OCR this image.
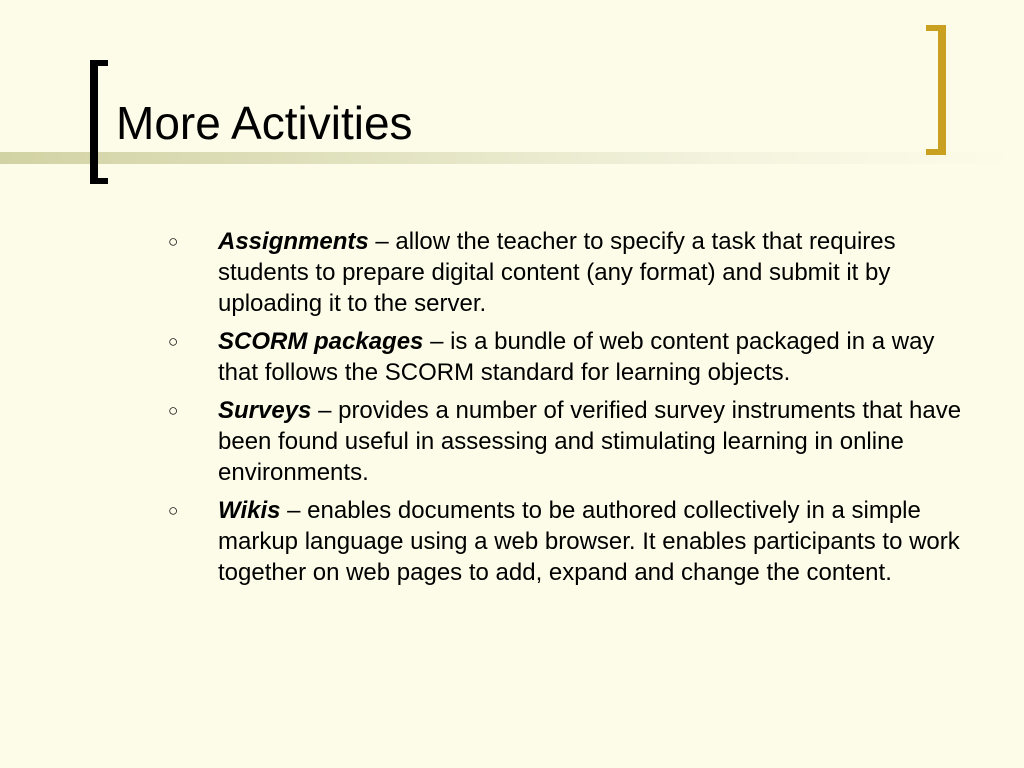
More Activities
○ Assignments – allow the teacher to specify a task that requires students to prepare digital content (any format) and submit it by uploading it to the server.
○ SCORM packages – is a bundle of web content packaged in a way that follows the SCORM standard for learning objects.
○ Surveys – provides a number of verified survey instruments that have been found useful in assessing and stimulating learning in online environments.
○ Wikis – enables documents to be authored collectively in a simple markup language using a web browser. It enables participants to work together on web pages to add, expand and change the content.
